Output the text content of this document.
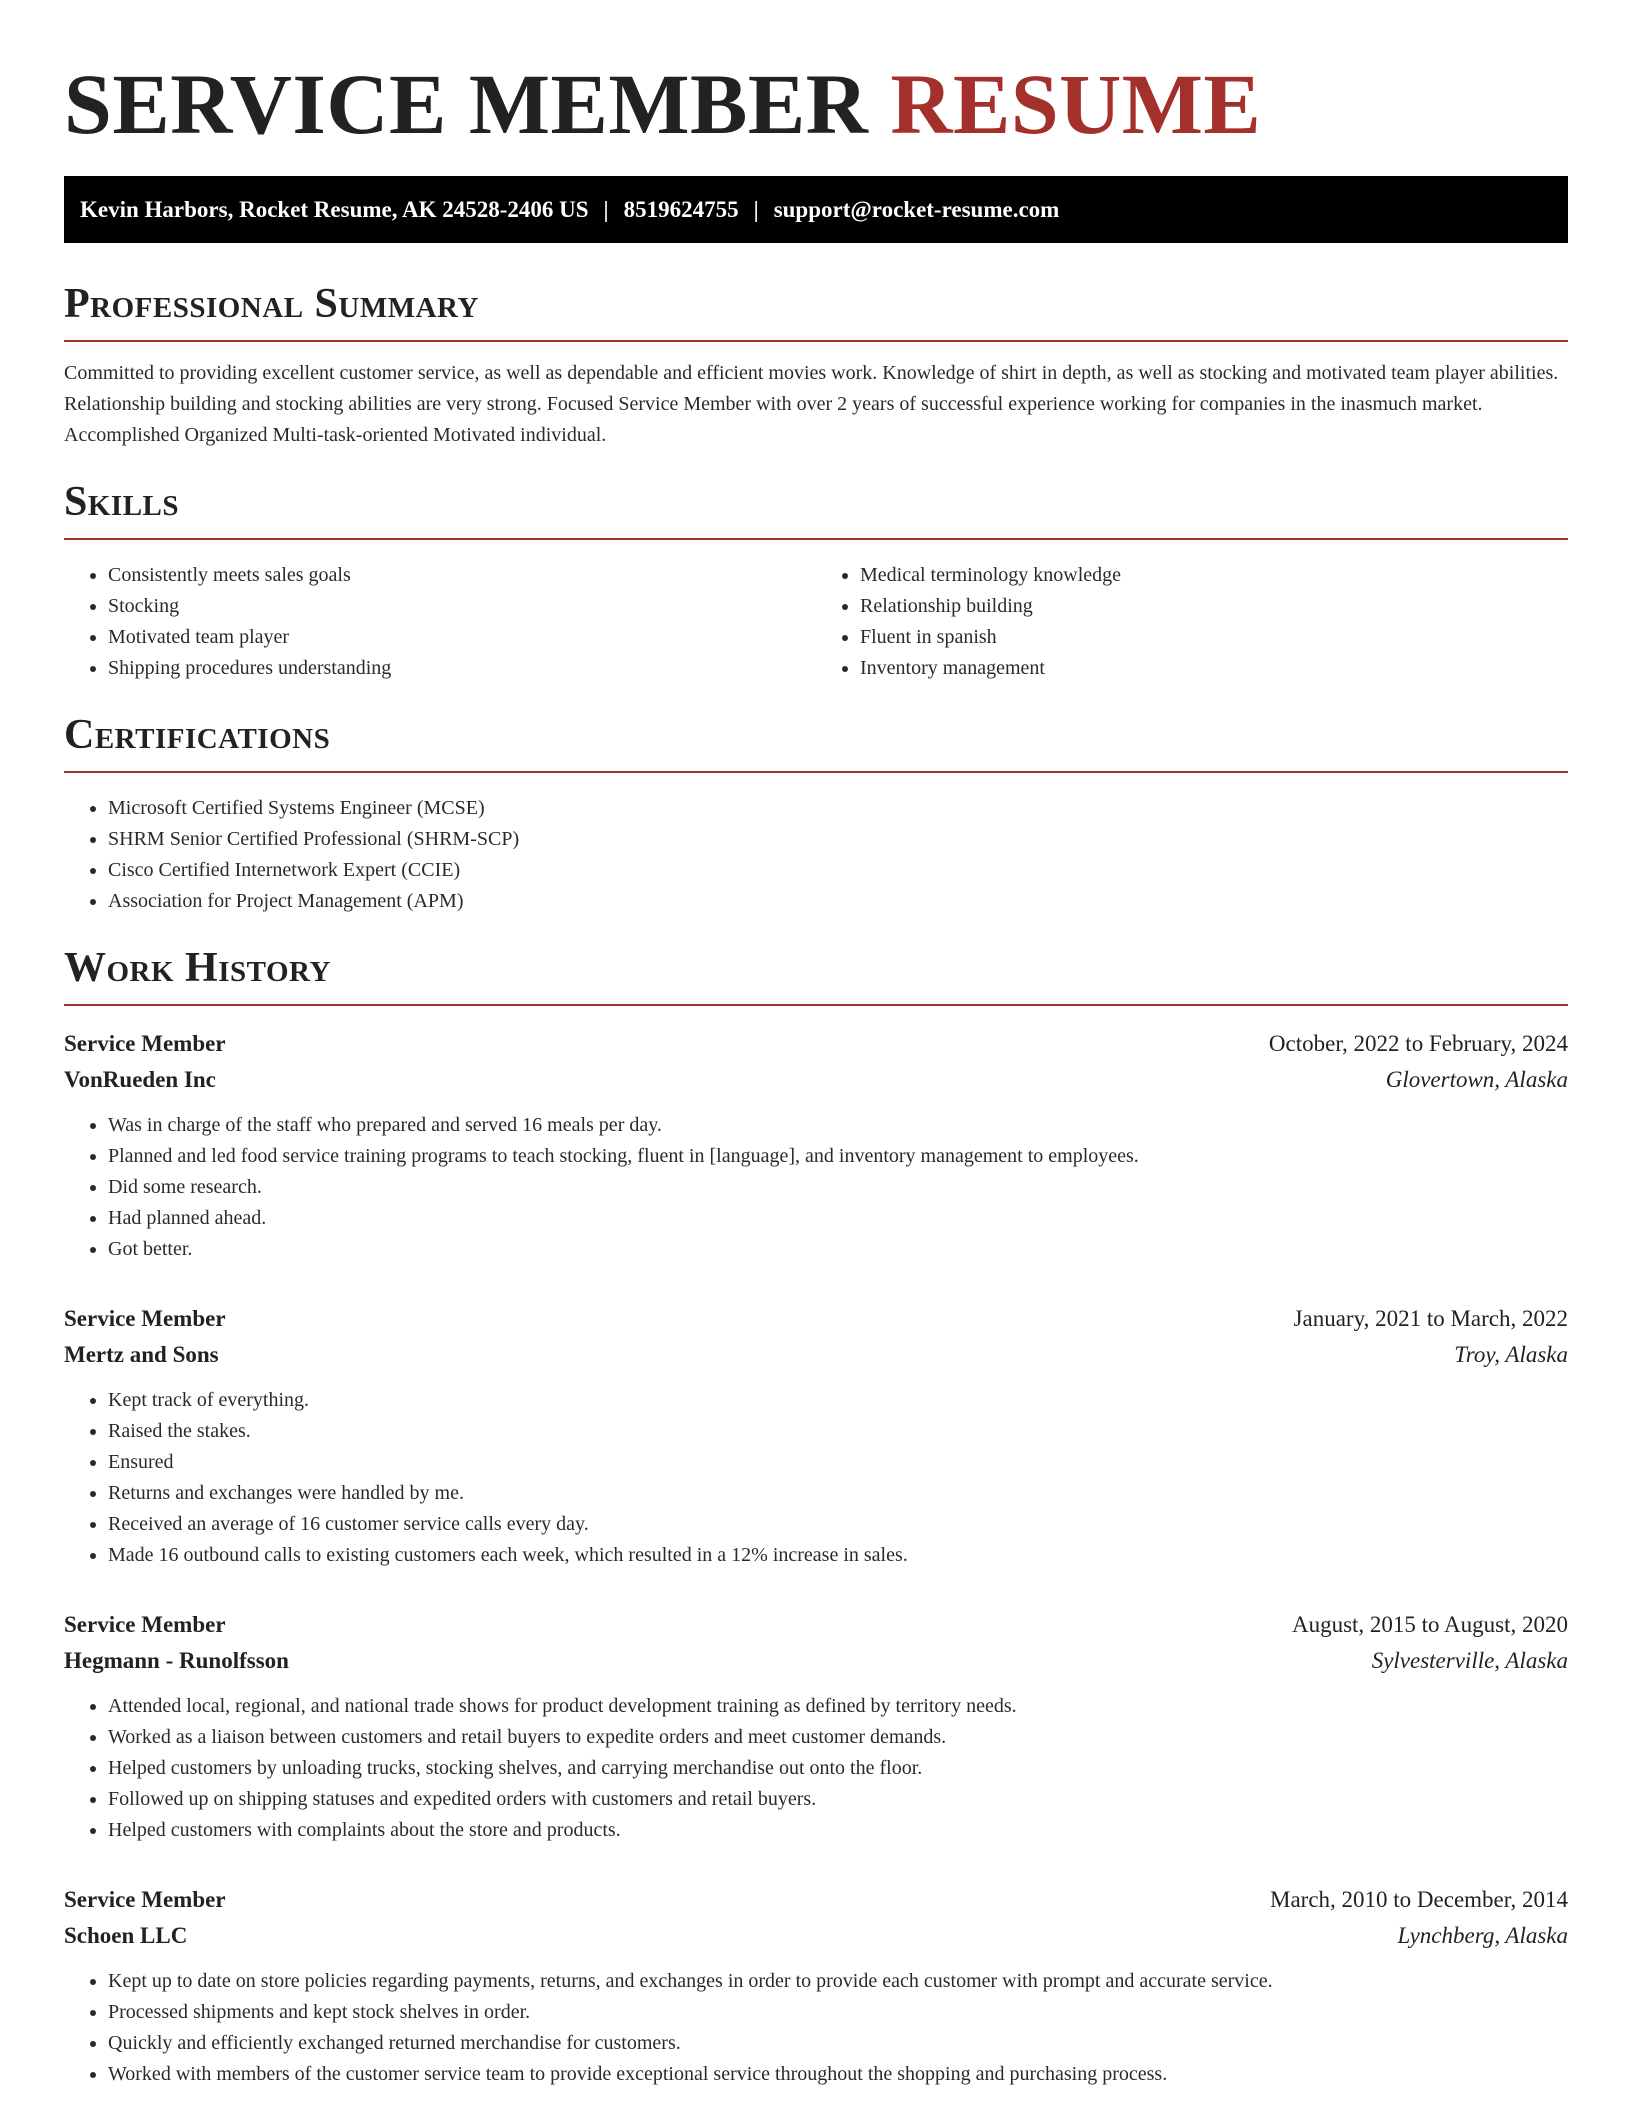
SERVICE MEMBER RESUME
Kevin Harbors, Rocket Resume, AK 24528-2406 US | 8519624755 | support@rocket-resume.com
Professional Summary

Committed to providing excellent customer service, as well as dependable and efficient movies work. Knowledge of shirt in depth, as well as stocking and motivated team player abilities. Relationship building and stocking abilities are very strong. Focused Service Member with over 2 years of successful experience working for companies in the inasmuch market. Accomplished Organized Multi-task-oriented Motivated individual.

Skills
• Consistently meets sales goals
• Stocking
• Motivated team player
• Shipping procedures understanding
• Medical terminology knowledge
• Relationship building
• Fluent in spanish
• Inventory management
Certifications
• Microsoft Certified Systems Engineer (MCSE)
• SHRM Senior Certified Professional (SHRM-SCP)
• Cisco Certified Internetwork Expert (CCIE)
• Association for Project Management (APM)
Work History
Service Member	October, 2022 to February, 2024
VonRueden Inc	Glovertown, Alaska
• Was in charge of the staff who prepared and served 16 meals per day.
• Planned and led food service training programs to teach stocking, fluent in [language], and inventory management to employees.
• Did some research.
• Had planned ahead.
• Got better.
Service Member	January, 2021 to March, 2022
Mertz and Sons	Troy, Alaska
• Kept track of everything.
• Raised the stakes.
• Ensured
• Returns and exchanges were handled by me.
• Received an average of 16 customer service calls every day.
• Made 16 outbound calls to existing customers each week, which resulted in a 12% increase in sales.
Service Member	August, 2015 to August, 2020
Hegmann - Runolfsson	Sylvesterville, Alaska
• Attended local, regional, and national trade shows for product development training as defined by territory needs.
• Worked as a liaison between customers and retail buyers to expedite orders and meet customer demands.
• Helped customers by unloading trucks, stocking shelves, and carrying merchandise out onto the floor.
• Followed up on shipping statuses and expedited orders with customers and retail buyers.
• Helped customers with complaints about the store and products.
Service Member	March, 2010 to December, 2014
Schoen LLC	Lynchberg, Alaska
• Kept up to date on store policies regarding payments, returns, and exchanges in order to provide each customer with prompt and accurate service.
• Processed shipments and kept stock shelves in order.
• Quickly and efficiently exchanged returned merchandise for customers.
• Worked with members of the customer service team to provide exceptional service throughout the shopping and purchasing process.
